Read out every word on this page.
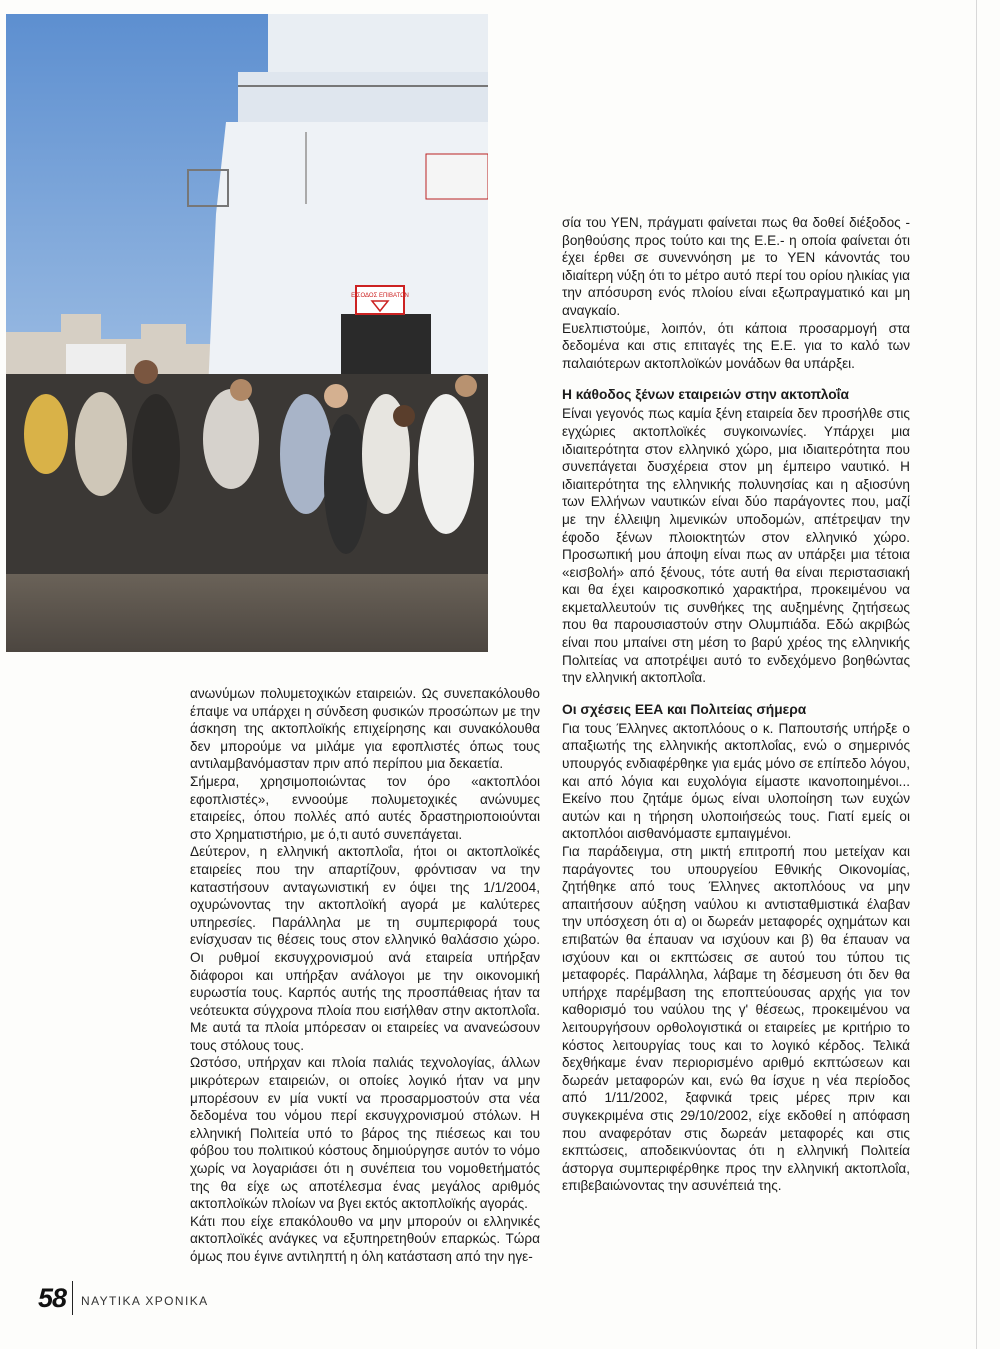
ΕΙΣΟΔΟΣ ΕΠΙΒΑΤΩΝ

ανωνύμων πολυμετοχικών εταιρειών. Ως συνεπακόλουθο έπαψε να υπάρχει η σύνδεση φυσικών προσώπων με την άσκηση της ακτοπλοϊκής επιχείρησης και συνακόλουθα δεν μπορούμε να μιλάμε για εφοπλιστές όπως τους αντιλαμβανόμασταν πριν από περίπου μια δεκαετία.

Σήμερα, χρησιμοποιώντας τον όρο «ακτοπλόοι εφοπλιστές», εννοούμε πολυμετοχικές ανώνυμες εταιρείες, όπου πολλές από αυτές δραστηριοποιούνται στο Χρηματιστήριο, με ό,τι αυτό συνεπάγεται.

Δεύτερον, η ελληνική ακτοπλοΐα, ήτοι οι ακτοπλοϊκές εταιρείες που την απαρτίζουν, φρόντισαν να την καταστήσουν ανταγωνιστική εν όψει της 1/1/2004, οχυρώνοντας την ακτοπλοϊκή αγορά με καλύτερες υπηρεσίες. Παράλληλα με τη συμπεριφορά τους ενίσχυσαν τις θέσεις τους στον ελληνικό θαλάσσιο χώρο. Οι ρυθμοί εκσυγχρονισμού ανά εταιρεία υπήρξαν διάφοροι και υπήρξαν ανάλογοι με την οικονομική ευρωστία τους. Καρπός αυτής της προσπάθειας ήταν τα νεότευκτα σύγχρονα πλοία που εισήλθαν στην ακτοπλοΐα. Με αυτά τα πλοία μπόρεσαν οι εταιρείες να ανανεώσουν τους στόλους τους.

Ωστόσο, υπήρχαν και πλοία παλιάς τεχνολογίας, άλλων μικρότερων εταιρειών, οι οποίες λογικό ήταν να μην μπορέσουν εν μία νυκτί να προσαρμοστούν στα νέα δεδομένα του νόμου περί εκσυγχρονισμού στόλων. Η ελληνική Πολιτεία υπό το βάρος της πιέσεως και του φόβου του πολιτικού κόστους δημιούργησε αυτόν το νόμο χωρίς να λογαριάσει ότι η συνέπεια του νομοθετήματός της θα είχε ως αποτέλεσμα ένας μεγάλος αριθμός ακτοπλοϊκών πλοίων να βγει εκτός ακτοπλοϊκής αγοράς.

Κάτι που είχε επακόλουθο να μην μπορούν οι ελληνικές ακτοπλοϊκές ανάγκες να εξυπηρετηθούν επαρκώς. Τώρα όμως που έγινε αντιληπτή η όλη κατάσταση από την ηγε-

σία του ΥΕΝ, πράγματι φαίνεται πως θα δοθεί διέξοδος - βοηθούσης προς τούτο και της Ε.Ε.- η οποία φαίνεται ότι έχει έρθει σε συνεννόηση με το ΥΕΝ κάνοντάς του ιδιαίτερη νύξη ότι το μέτρο αυτό περί του ορίου ηλικίας για την απόσυρση ενός πλοίου είναι εξωπραγματικό και μη αναγκαίο.

Ευελπιστούμε, λοιπόν, ότι κάποια προσαρμογή στα δεδομένα και στις επιταγές της Ε.Ε. για το καλό των παλαιότερων ακτοπλοϊκών μονάδων θα υπάρξει.

Η κάθοδος ξένων εταιρειών στην ακτοπλοΐα

Είναι γεγονός πως καμία ξένη εταιρεία δεν προσήλθε στις εγχώριες ακτοπλοϊκές συγκοινωνίες. Υπάρχει μια ιδιαιτερότητα στον ελληνικό χώρο, μια ιδιαιτερότητα που συνεπάγεται δυσχέρεια στον μη έμπειρο ναυτικό. Η ιδιαιτερότητα της ελληνικής πολυνησίας και η αξιοσύνη των Ελλήνων ναυτικών είναι δύο παράγοντες που, μαζί με την έλλειψη λιμενικών υποδομών, απέτρεψαν την έφοδο ξένων πλοιοκτητών στον ελληνικό χώρο. Προσωπική μου άποψη είναι πως αν υπάρξει μια τέτοια «εισβολή» από ξένους, τότε αυτή θα είναι περιστασιακή και θα έχει καιροσκοπικό χαρακτήρα, προκειμένου να εκμεταλλευτούν τις συνθήκες της αυξημένης ζητήσεως που θα παρουσιαστούν στην Ολυμπιάδα. Εδώ ακριβώς είναι που μπαίνει στη μέση το βαρύ χρέος της ελληνικής Πολιτείας να αποτρέψει αυτό το ενδεχόμενο βοηθώντας την ελληνική ακτοπλοΐα.

Οι σχέσεις ΕΕΑ και Πολιτείας σήμερα

Για τους Έλληνες ακτοπλόους ο κ. Παπουτσής υπήρξε ο απαξιωτής της ελληνικής ακτοπλοΐας, ενώ ο σημερινός υπουργός ενδιαφέρθηκε για εμάς μόνο σε επίπεδο λόγου, και από λόγια και ευχολόγια είμαστε ικανοποιημένοι... Εκείνο που ζητάμε όμως είναι υλοποίηση των ευχών αυτών και η τήρηση υλοποιήσεώς τους. Γιατί εμείς οι ακτοπλόοι αισθανόμαστε εμπαιγμένοι.

Για παράδειγμα, στη μικτή επιτροπή που μετείχαν και παράγοντες του υπουργείου Εθνικής Οικονομίας, ζητήθηκε από τους Έλληνες ακτοπλόους να μην απαιτήσουν αύξηση ναύλου κι αντισταθμιστικά έλαβαν την υπόσχεση ότι α) οι δωρεάν μεταφορές οχημάτων και επιβατών θα έπαυαν να ισχύουν και β) θα έπαυαν να ισχύουν και οι εκπτώσεις σε αυτού του τύπου τις μεταφορές. Παράλληλα, λάβαμε τη δέσμευση ότι δεν θα υπήρχε παρέμβαση της εποπτεύουσας αρχής για τον καθορισμό του ναύλου της γ' θέσεως, προκειμένου να λειτουργήσουν ορθολογιστικά οι εταιρείες με κριτήριο το κόστος λειτουργίας τους και το λογικό κέρδος. Τελικά δεχθήκαμε έναν περιορισμένο αριθμό εκπτώσεων και δωρεάν μεταφορών και, ενώ θα ίσχυε η νέα περίοδος από 1/11/2002, ξαφνικά τρεις μέρες πριν και συγκεκριμένα στις 29/10/2002, είχε εκδοθεί η απόφαση που αναφερόταν στις δωρεάν μεταφορές και στις εκπτώσεις, αποδεικνύοντας ότι η ελληνική Πολιτεία άστοργα συμπεριφέρθηκε προς την ελληνική ακτοπλοΐα, επιβεβαιώνοντας την ασυνέπειά της.

58 ΝΑΥΤΙΚΑ ΧΡΟΝΙΚΑ
